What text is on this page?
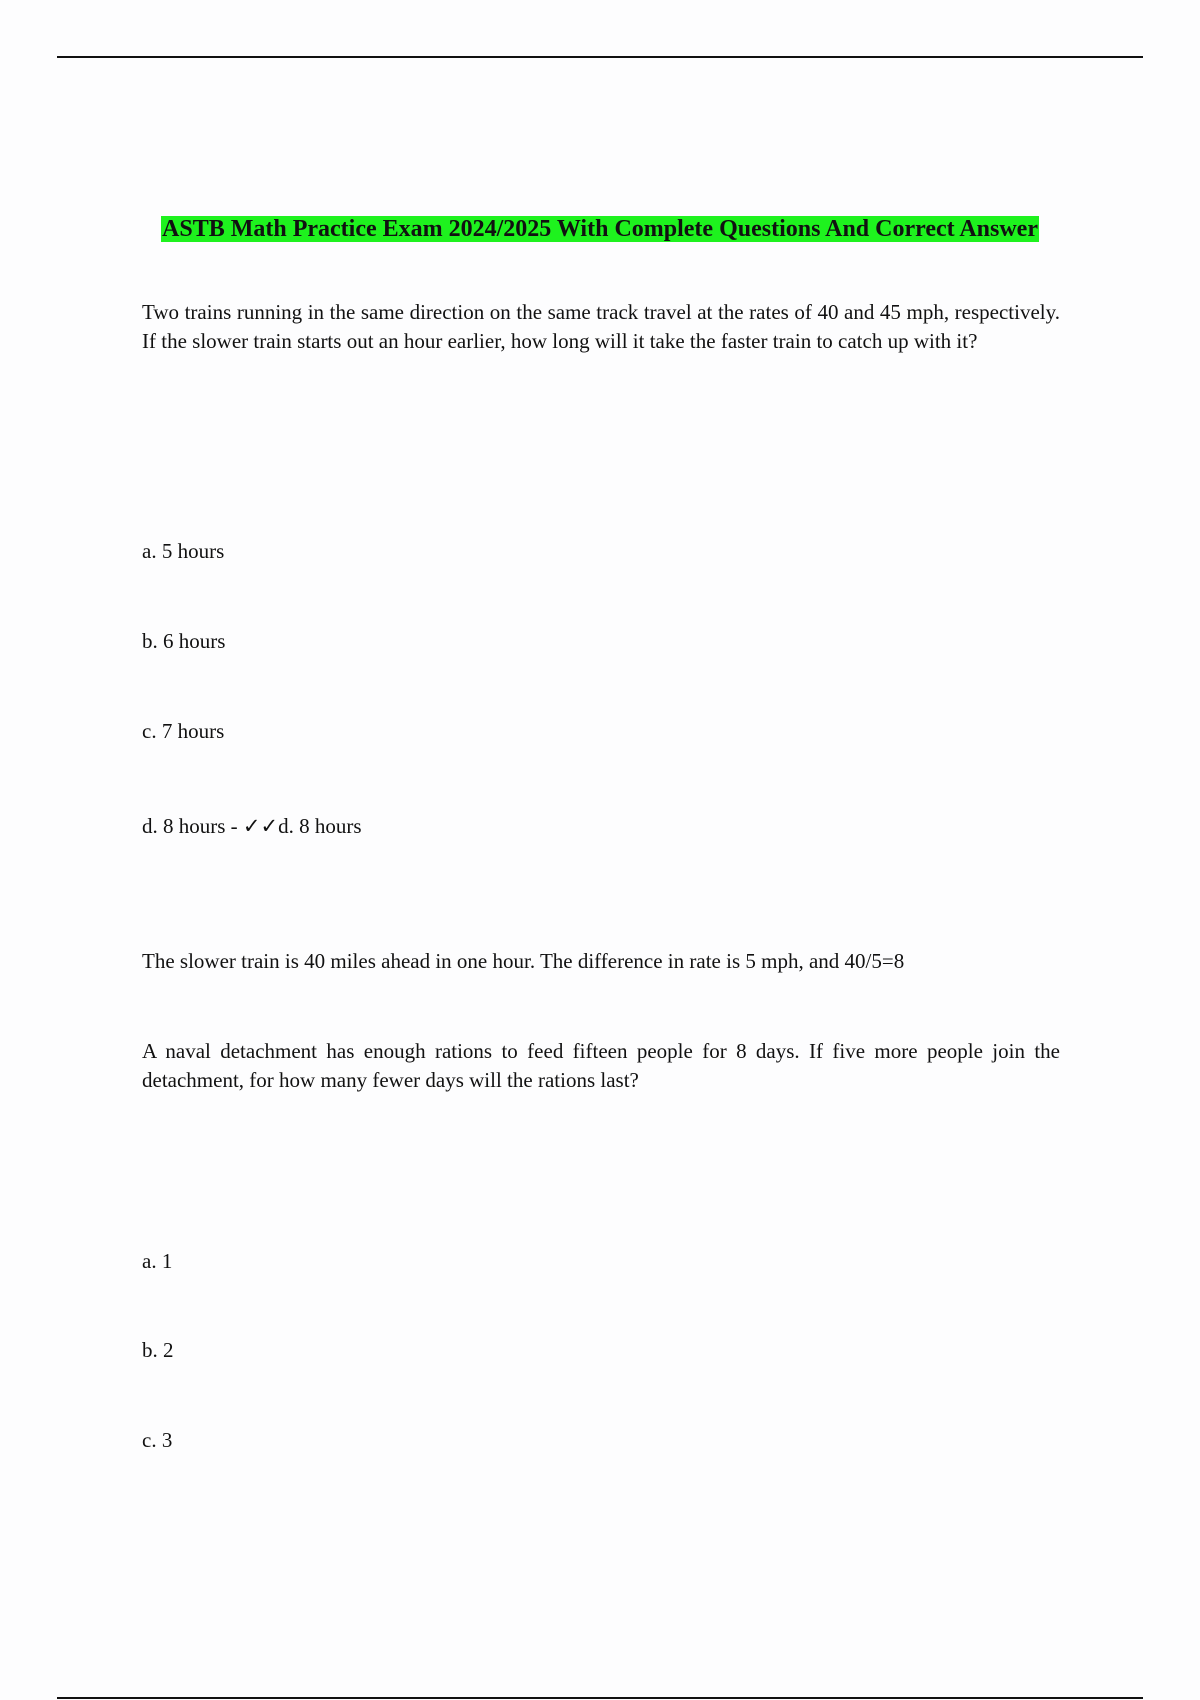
ASTB Math Practice Exam 2024/2025 With Complete Questions And Correct Answer
Two trains running in the same direction on the same track travel at the rates of 40 and 45 mph, respectively. If the slower train starts out an hour earlier, how long will it take the faster train to catch up with it?
a. 5 hours
b. 6 hours
c. 7 hours
d. 8 hours - ✓✓d. 8 hours
The slower train is 40 miles ahead in one hour. The difference in rate is 5 mph, and 40/5=8
A naval detachment has enough rations to feed fifteen people for 8 days. If five more people join the detachment, for how many fewer days will the rations last?
a. 1
b. 2
c. 3
